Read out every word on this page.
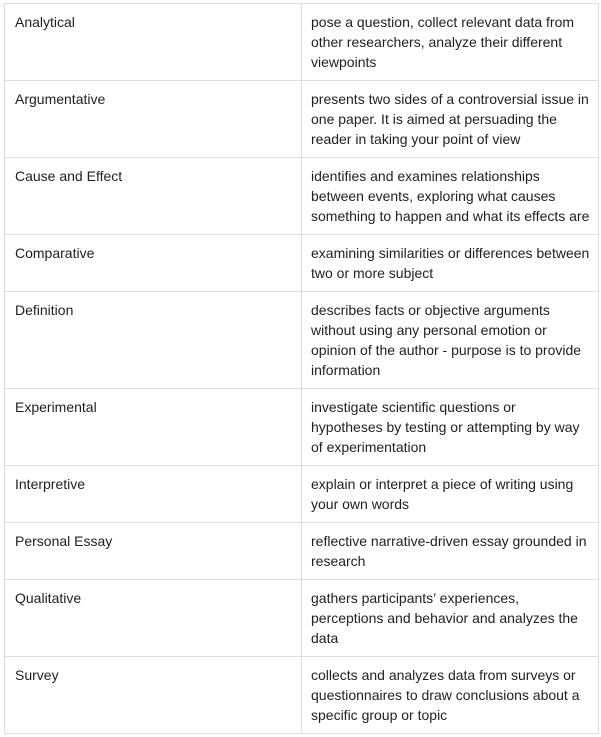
Analytical	pose a question, collect relevant data from other researchers, analyze their different viewpoints
Argumentative	presents two sides of a controversial issue in one paper. It is aimed at persuading the reader in taking your point of view
Cause and Effect	identifies and examines relationships between events, exploring what causes something to happen and what its effects are
Comparative	examining similarities or differences between two or more subject
Definition	describes facts or objective arguments without using any personal emotion or opinion of the author - purpose is to provide information
Experimental	investigate scientific questions or hypotheses by testing or attempting by way of experimentation
Interpretive	explain or interpret a piece of writing using your own words
Personal Essay	reflective narrative-driven essay grounded in research
Qualitative	gathers participants’ experiences, perceptions and behavior and analyzes the data
Survey	collects and analyzes data from surveys or questionnaires to draw conclusions about a specific group or topic
